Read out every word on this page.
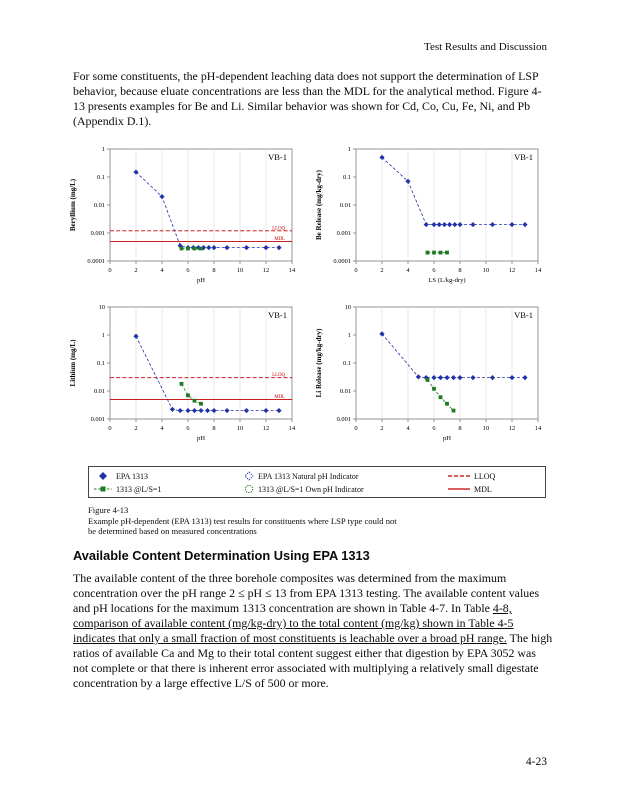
Test Results and Discussion
For some constituents, the pH-dependent leaching data does not support the determination of LSP behavior, because eluate concentrations are less than the MDL for the analytical method. Figure 4-13 presents examples for Be and Li. Similar behavior was shown for Cd, Co, Cu, Fe, Ni, and Pb (Appendix D.1).
1
0.1
0.01
0.001
0.0001
0	2	4	6	8	10	12	14
pH
Beryllium (mg/L)
VB-1
LLOQ
MDL
1
0.1
0.01
0.001
0.0001
0	2	4	6	8	10	12	14
LS (L/kg-dry)
Be Release (mg/kg-dry)
VB-1
10
1
0.1
0.01
0.001
0	2	4	6	8	10	12	14
pH
Lithium (mg/L)
VB-1
LLOQ
MDL
10
1
0.1
0.01
0.001
0	2	4	6	8	10	12	14
pH
Li Release (mg/kg-dry)
VB-1
EPA 1313	EPA 1313 Natural pH Indicator	LLOQ
1313 @L/S=1	1313 @L/S=1 Own pH Indicator	MDL
Figure 4-13
Example pH-dependent (EPA 1313) test results for constituents where LSP type could not
be determined based on measured concentrations
Available Content Determination Using EPA 1313

The available content of the three borehole composites was determined from the maximum concentration over the pH range 2 ≤ pH ≤ 13 from EPA 1313 testing. The available content values and pH locations for the maximum 1313 concentration are shown in Table 4-7. In Table 4-8, comparison of available content (mg/kg-dry) to the total content (mg/kg) shown in Table 4-5 indicates that only a small fraction of most constituents is leachable over a broad pH range. The high ratios of available Ca and Mg to their total content suggest either that digestion by EPA 3052 was not complete or that there is inherent error associated with multiplying a relatively small digestate concentration by a large effective L/S of 500 or more.

4-23
